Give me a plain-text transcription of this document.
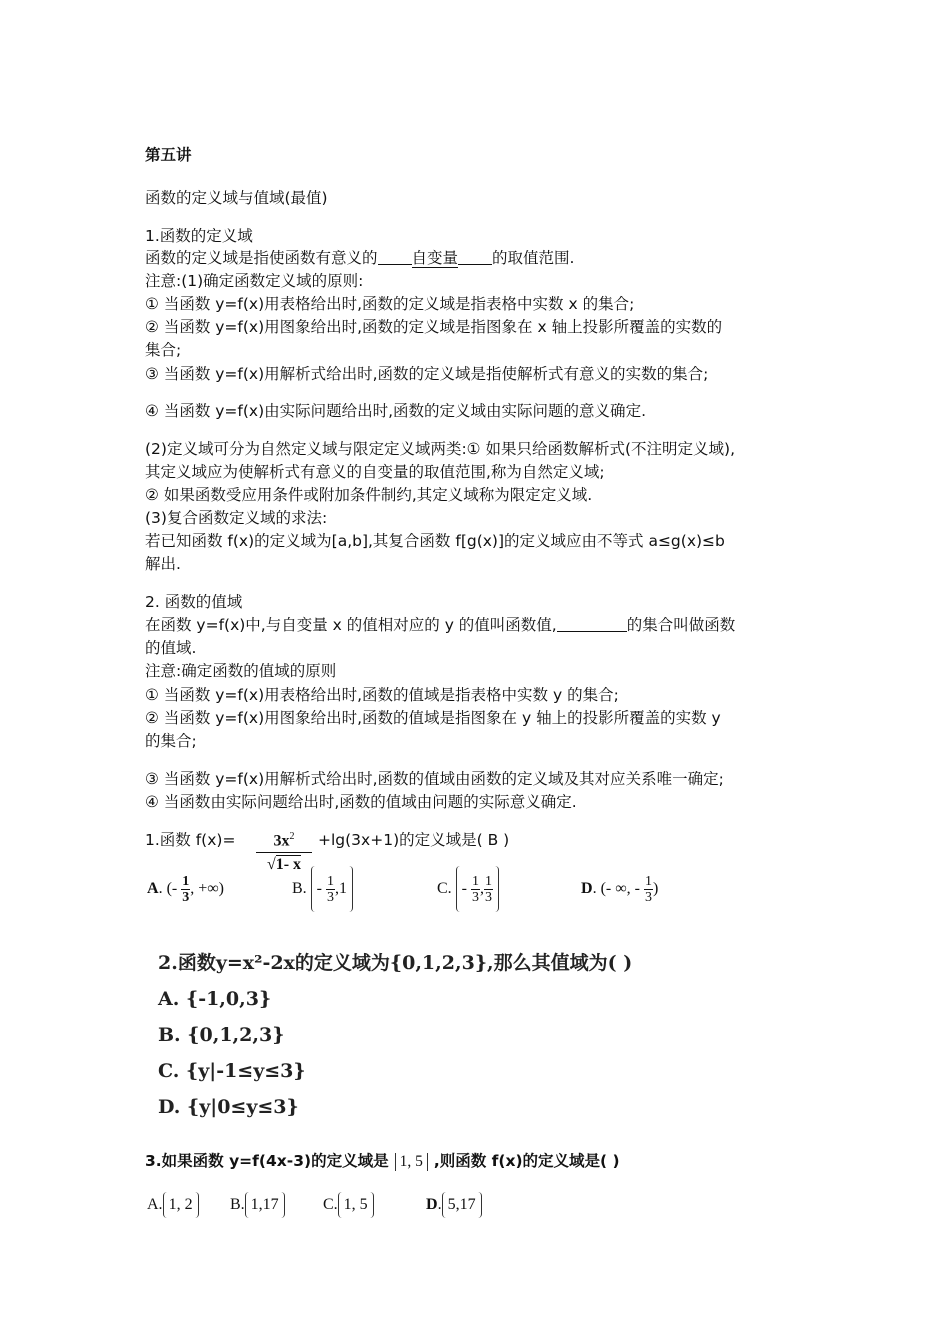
第五讲
函数的定义域与值域(最值)
1.函数的定义域
函数的定义域是指使函数有意义的 自变量 的取值范围.
注意:(1)确定函数定义域的原则:
① 当函数 y=f(x)用表格给出时,函数的定义域是指表格中实数 x 的集合;
② 当函数 y=f(x)用图象给出时,函数的定义域是指图象在 x 轴上投影所覆盖的实数的
集合;
③ 当函数 y=f(x)用解析式给出时,函数的定义域是指使解析式有意义的实数的集合;
④ 当函数 y=f(x)由实际问题给出时,函数的定义域由实际问题的意义确定.
(2)定义域可分为自然定义域与限定定义域两类:① 如果只给函数解析式(不注明定义域),
其定义域应为使解析式有意义的自变量的取值范围,称为自然定义域;
② 如果函数受应用条件或附加条件制约,其定义域称为限定定义域.
(3)复合函数定义域的求法:
若已知函数 f(x)的定义域为[a,b],其复合函数 f[g(x)]的定义域应由不等式 a≤g(x)≤b
解出.
2. 函数的值域
在函数 y=f(x)中,与自变量 x 的值相对应的 y 的值叫函数值,	的集合叫做函数
的值域.
注意:确定函数的值域的原则
① 当函数 y=f(x)用表格给出时,函数的值域是指表格中实数 y 的集合;
② 当函数 y=f(x)用图象给出时,函数的值域是指图象在 y 轴上的投影所覆盖的实数 y
的集合;
③ 当函数 y=f(x)用解析式给出时,函数的值域由函数的定义域及其对应关系唯一确定;
④ 当函数由实际问题给出时,函数的值域由问题的实际意义确定.
1.函数 $f(x)= \frac{3x^2}{√1- x} +\lg(3x+1)$的定义域是( B )
A. (- $\frac{1}{3}$ , +∞)	B. - $\frac{1}{3} ,1$	C. - $\frac{1}{3}$ , $\frac{1}{3}$	D. (- ∞, - $\frac{1}{3}$ )
2.函数y=x²-2x的定义域为{0,1,2,3},那么其值域为( )
A. {-1,0,3}
B. {0,1,2,3}
C. {y|-1≤y≤3}
D. {y|0≤y≤3}
3.如果函数 y=f(4x-3)的定义域是 1, 5 ,则函数 f(x)的定义域是( )
A. 1, 2	B. 1,17	C. 1, 5	D. 5,17
